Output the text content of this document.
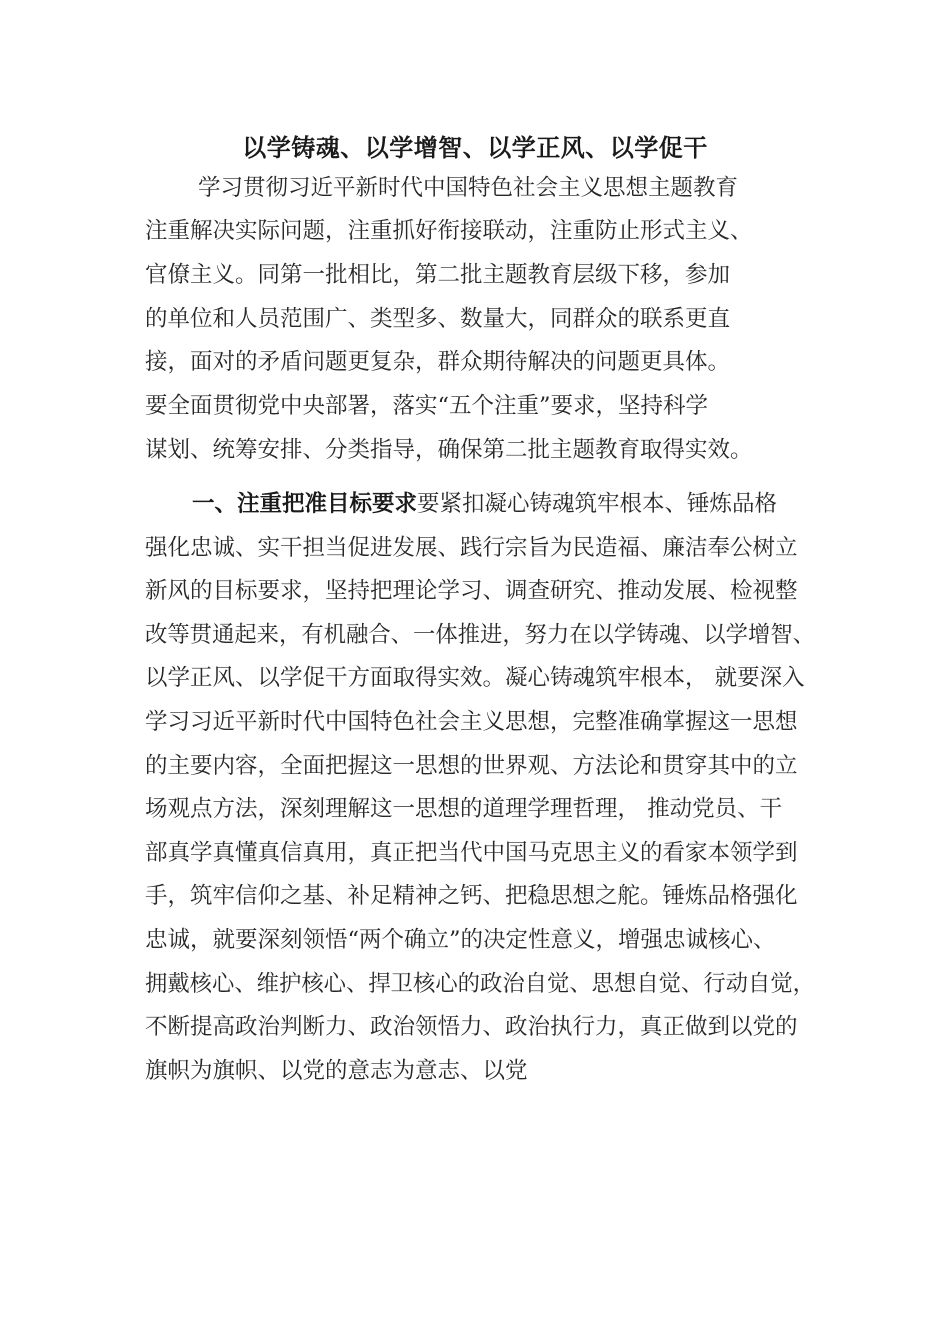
以学铸魂、以学增智、以学正风、以学促干
学习贯彻习近平新时代中国特色社会主义思想主题教育
注重解决实际问题，注重抓好衔接联动，注重防止形式主义、
官僚主义。同第一批相比，第二批主题教育层级下移，参加
的单位和人员范围广、类型多、数量大，同群众的联系更直
接，面对的矛盾问题更复杂，群众期待解决的问题更具体。
要全面贯彻党中央部署，落实“五个注重”要求，坚持科学
谋划、统筹安排、分类指导，确保第二批主题教育取得实效。
一、注重把准目标要求要紧扣凝心铸魂筑牢根本、锤炼品格
强化忠诚、实干担当促进发展、践行宗旨为民造福、廉洁奉公树立
新风的目标要求，坚持把理论学习、调查研究、推动发展、检视整
改等贯通起来，有机融合、一体推进，努力在以学铸魂、以学增智、
以学正风、以学促干方面取得实效。凝心铸魂筑牢根本， 就要深入
学习习近平新时代中国特色社会主义思想，完整准确掌握这一思想
的主要内容，全面把握这一思想的世界观、方法论和贯穿其中的立
场观点方法，深刻理解这一思想的道理学理哲理， 推动党员、干
部真学真懂真信真用，真正把当代中国马克思主义的看家本领学到
手，筑牢信仰之基、补足精神之钙、把稳思想之舵。锤炼品格强化
忠诚，就要深刻领悟“两个确立”的决定性意义，增强忠诚核心、
拥戴核心、维护核心、捍卫核心的政治自觉、思想自觉、行动自觉，
不断提高政治判断力、政治领悟力、政治执行力，真正做到以党的
旗帜为旗帜、以党的意志为意志、以党
